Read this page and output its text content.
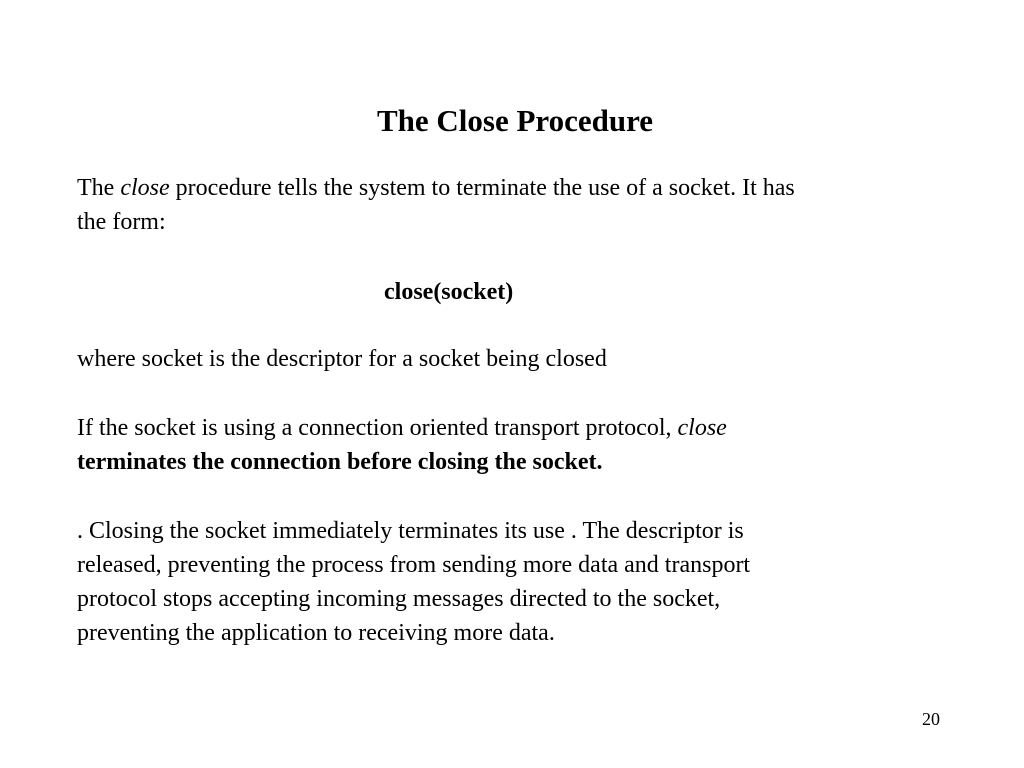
The Close Procedure

The close procedure tells the system to terminate the use of a socket. It has
the form:

close(socket)

where socket is the descriptor for a socket being closed

If the socket is using a connection oriented transport protocol, close
terminates the connection before closing the socket.

. Closing the socket immediately terminates its use . The descriptor is
released, preventing the process from sending more data and transport
protocol stops accepting incoming messages directed to the socket,
preventing the application to receiving more data.

20
